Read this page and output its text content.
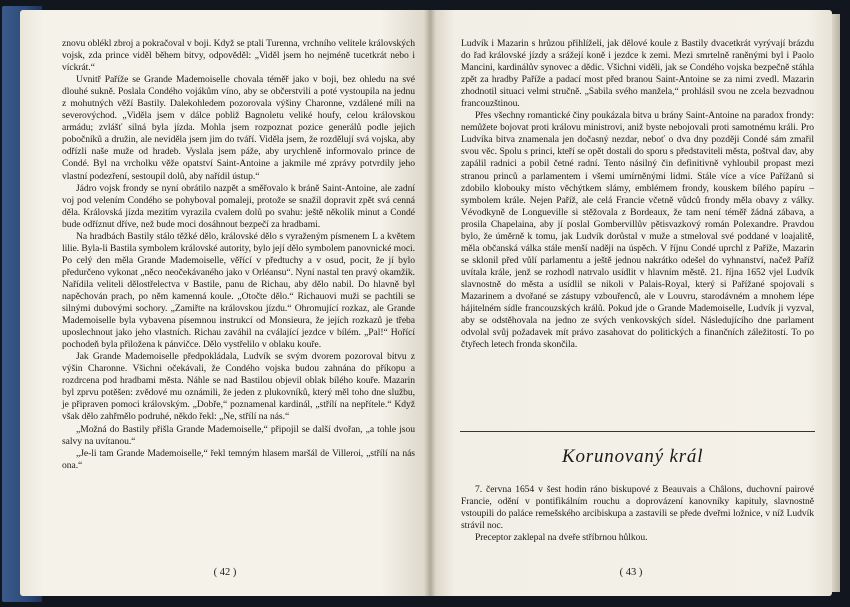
znovu oblékl zbroj a pokračoval v boji. Když se ptali Turenna, vrchního velitele královských vojsk, zda prince viděl během bitvy, odpověděl: „Viděl jsem ho nejméně tucetkrát nebo i víckrát.“

Uvnitř Paříže se Grande Mademoiselle chovala téměř jako v boji, bez ohledu na své dlouhé sukně. Poslala Condého vojákům víno, aby se občerstvili a poté vystoupila na jednu z mohutných věží Bastily. Dalekohledem pozorovala výšiny Charonne, vzdálené míli na severovýchod. „Viděla jsem v dálce pobliž Bagnoletu veliké houfy, celou královskou armádu; zvlášť silná byla jízda. Mohla jsem rozpoznat pozice generálů podle jejich pobočníků a družin, ale neviděla jsem jim do tváří. Viděla jsem, že rozdělují svá vojska, aby odřízli naše muže od hradeb. Vyslala jsem páže, aby urychleně informovalo prince de Condé. Byl na vrcholku věže opatství Saint-Antoine a jakmile mé zprávy potvrdily jeho vlastní podezření, sestoupil dolů, aby nařídil ústup.“

Jádro vojsk frondy se nyní obrátilo nazpět a směřovalo k bráně Saint-Antoine, ale zadní voj pod velením Condého se pohyboval pomaleji, protože se snažil dopravit zpět svá cenná děla. Královská jízda mezitím vyrazila cvalem dolů po svahu: ještě několik minut a Condé bude odříznut dříve, než bude moci dosáhnout bezpečí za hradbami.

Na hradbách Bastily stálo těžké dělo, královské dělo s vyraženým písmenem L a květem lilie. Byla-li Bastila symbolem královské autority, bylo její dělo symbolem panovnické moci. Po celý den měla Grande Mademoiselle, věřící v předtuchy a v osud, pocit, že jí bylo předurčeno vykonat „něco neočekávaného jako v Orléansu“. Nyní nastal ten pravý okamžik. Nařídila veliteli dělostřelectva v Bastile, panu de Richau, aby dělo nabil. Do hlavně byl napěchován prach, po něm kamenná koule. „Otočte dělo.“ Richauovi muži se pachtili se silnými dubovými sochory. „Zamiřte na královskou jízdu.“ Ohromující rozkaz, ale Grande Mademoiselle byla vybavena písemnou instrukcí od Monsieura, že jejích rozkazů je třeba uposlechnout jako jeho vlastních. Richau zaváhil na cválající jezdce v bílém. „Pal!“ Hořící pochodeň byla přiložena k pánvičce. Dělo vystřelilo v oblaku kouře.

Jak Grande Mademoiselle předpokládala, Ludvík se svým dvorem pozoroval bitvu z výšin Charonne. Všichni očekávali, že Condého vojska budou zahnána do příkopu a rozdrcena pod hradbami města. Náhle se nad Bastilou objevil oblak bílého kouře. Mazarin byl zprvu potěšen: zvědové mu oznámili, že jeden z plukovníků, který měl toho dne službu, je připraven pomoci královským. „Dobře,“ poznamenal kardinál, „střílí na nepřítele.“ Když však dělo zahřmělo podruhé, někdo řekl: „Ne, střílí na nás.“

„Možná do Bastily přišla Grande Mademoiselle,“ připojil se další dvořan, „a tohle jsou salvy na uvítanou.“

„Je-li tam Grande Mademoiselle,“ řekl temným hlasem maršál de Villeroi, „střílí na nás ona.“

( 42 )

Ludvík i Mazarin s hrůzou přihlíželi, jak dělové koule z Bastily dvacetkrát vyrývají brázdu do řad královské jízdy a srážejí koně i jezdce k zemi. Mezi smrtelně raněnými byl i Paolo Mancini, kardinálův synovec a dědic. Všichni viděli, jak se Condého vojska bezpečně stáhla zpět za hradby Paříže a padací most před branou Saint-Antoine se za nimi zvedl. Mazarin zhodnotil situaci velmi stručně. „Sabila svého manžela,“ prohlásil svou ne zcela bezvadnou francouzštinou.

Přes všechny romantické činy poukázala bitva u brány Saint-Antoine na paradox frondy: nemůžete bojovat proti královu ministrovi, aniž byste nebojovali proti samotnému králi. Pro Ludvíka bitva znamenala jen dočasný nezdar, neboť o dva dny později Condé sám zmařil svou věc. Spolu s princi, kteří se opět dostali do sporu s představiteli města, poštval dav, aby zapálil radnici a pobil četné radní. Tento násilný čin definitivně vyhloubil propast mezi stranou princů a parlamentem i všemi umírněnými lidmi. Stále více a více Pařížanů si zdobilo klobouky místo věchýtkem slámy, emblémem frondy, kouskem bílého papíru – symbolem krále. Nejen Paříž, ale celá Francie včetně vůdců frondy měla obavy z války. Vévodkyně de Longueville si stěžovala z Bordeaux, že tam není téměř žádná zábava, a prosila Chapelaina, aby jí poslal Gombervillův pětisvazkový román Polexandre. Pravdou bylo, že úměrně k tomu, jak Ludvík dorůstal v muže a stmeloval své poddané v loajalitě, měla občanská válka stále menší naději na úspěch. V říjnu Condé uprchl z Paříže, Mazarin se sklonil před vůlí parlamentu a ještě jednou nakrátko odešel do vyhnanství, načež Paříž uvítala krále, jenž se rozhodl natrvalo usídlit v hlavním městě. 21. října 1652 vjel Ludvík slavnostně do města a usídlil se nikoli v Palais-Royal, který si Pařížané spojovali s Mazarinem a dvořané se zástupy vzbouřenců, ale v Louvru, starodávném a mnohem lépe hájitelném sídle francouzských králů. Pokud jde o Grande Mademoiselle, Ludvík ji vyzval, aby se odstěhovala na jedno ze svých venkovských sídel. Následujícího dne parlament odvolal svůj požadavek mít právo zasahovat do politických a finančních záležitostí. To po čtyřech letech fronda skončila.

Korunovaný král

7. června 1654 v šest hodin ráno biskupové z Beauvais a Châlons, duchovní pairové Francie, odění v pontifikálním rouchu a doprovázení kanovníky kapituly, slavnostně vstoupili do paláce remešského arcibiskupa a zastavili se přede dveřmi ložnice, v níž Ludvík strávil noc.

Preceptor zaklepal na dveře stříbrnou hůlkou.

( 43 )
